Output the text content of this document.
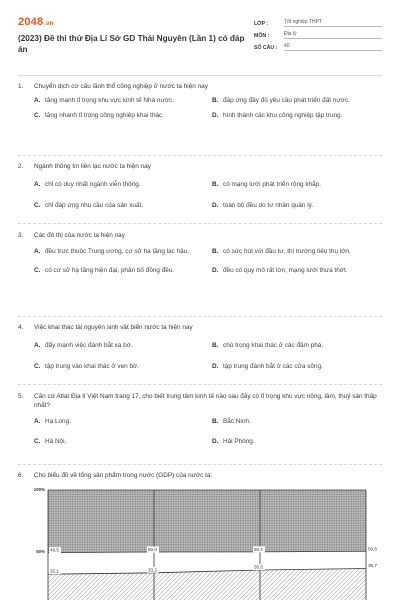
2048.vn
(2023) Đề thi thử Địa Lí Sở GD Thái Nguyên (Lần 1) có đáp án
LỚP :	Tốt nghiệp THPT
MÔN :	Địa lý
SỐ CÂU :	40
1.	Chuyển dịch cơ cấu lãnh thổ công nghiệp ở nước ta hiện nay
A. tăng mạnh tỉ trọng khu vực kinh tế Nhà nước.	B. đáp ứng đầy đủ yêu cầu phát triển đất nước.
C. tăng nhanh tỉ trọng công nghiệp khai thác.	D. hình thành các khu công nghiệp tập trung.
2.	Ngành thông tin liên lạc nước ta hiện nay
A. chỉ có duy nhất ngành viễn thông.	B. có mạng lưới phát triển rộng khắp.
C. chỉ đáp ứng nhu cầu của sản xuất.	D. toàn bộ đều do tư nhân quản lý.
3.	Các đô thị của nước ta hiện nay
A. đều trực thuộc Trung ương, cơ sở hạ tầng lạc hậu.	B. có sức hút với đầu tư, thị trường tiêu thụ lớn.
C. có cơ sở hạ tầng hiện đại, phân bố đồng đều.	D. đều có quy mô rất lớn, mạng lưới thưa thớt.
4.	Việc khai thác tài nguyên sinh vật biển nước ta hiện nay
A. đẩy mạnh việc đánh bắt xa bờ.	B. chủ trọng khai thác ở các đầm phá.
C. tập trung vào khai thác ở ven bờ.	D. tập trung đánh bắt ở các cửa sông.
5.	Căn cứ Atlat Địa lí Việt Nam trang 17, cho biết trung tâm kinh tế nào sau đây có tỉ trọng khu vực nông, lâm, thuỷ sản thấp nhất?
A. Hạ Long.	B. Bắc Ninh.
C. Hà Nội.	D. Hải Phòng.
6.	Cho biểu đồ về tổng sản phẩm trong nước (GDP) của nước ta:
100%
50% 49,5	50,0	50,1	50,6
32,1	33,2
35,5	36,7
